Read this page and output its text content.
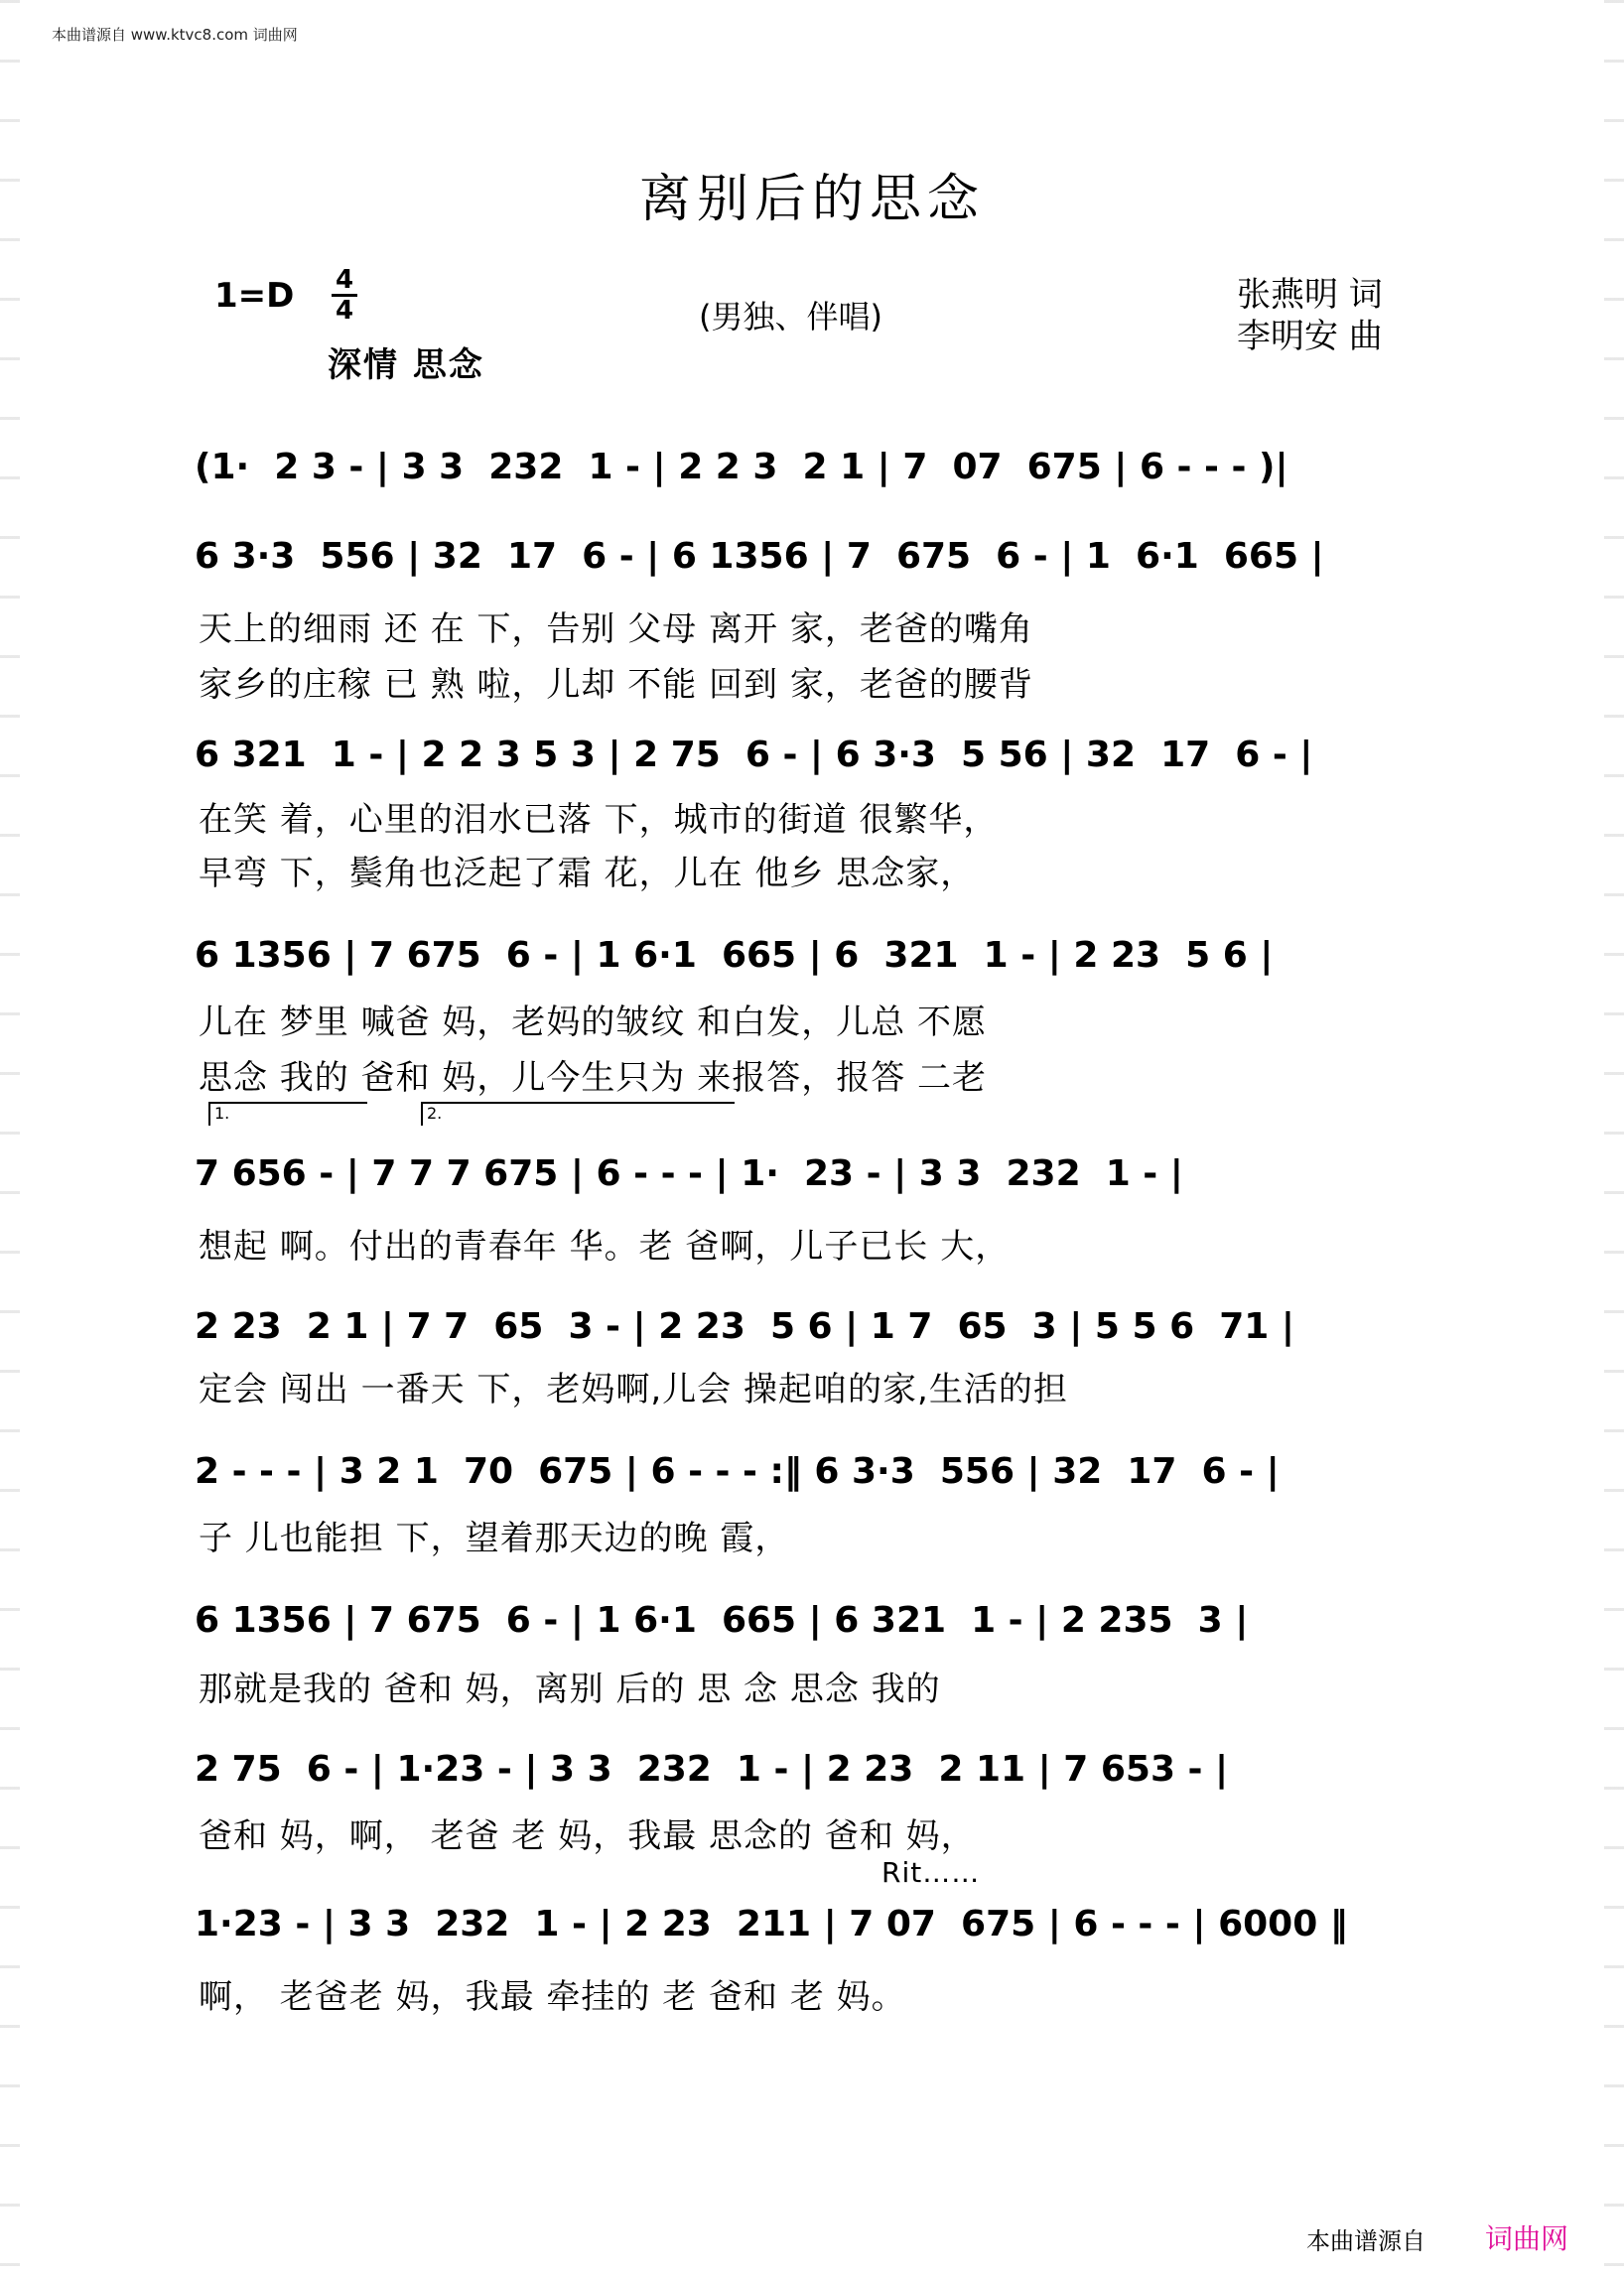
本曲谱源自 www.ktvc8.com 词曲网
离别后的思念
1=D 4
4
深情 思念
(男独、伴唱)
张燕明 词
李明安 曲
(1·  2 3 - | 3 3  232  1 - | 2 2 3  2 1 | 7  07  675 | 6 - - - )|
6 3·3  556 | 32  17  6 - | 6 1356 | 7  675  6 - | 1  6·1  665 |
天上的细雨 还 在 下，告别 父母 离开 家，老爸的嘴角
家乡的庄稼 已 熟 啦，儿却 不能 回到 家，老爸的腰背
6 321  1 - | 2 2 3 5 3 | 2 75  6 - | 6 3·3  5 56 | 32  17  6 - |
在笑 着，心里的泪水已落 下，城市的街道 很繁华，
早弯 下，鬓角也泛起了霜 花，儿在 他乡 思念家，
6 1356 | 7 675  6 - | 1 6·1  665 | 6  321  1 - | 2 23  5 6 |
儿在 梦里 喊爸 妈，老妈的皱纹 和白发，儿总 不愿
思念 我的 爸和 妈，儿今生只为 来报答，报答 二老
1.	2.
7 656 - | 7 7 7 675 | 6 - - - | 1·  23 - | 3 3  232  1 - |
想起 啊。付出的青春年 华。老 爸啊，儿子已长 大，
2 23  2 1 | 7 7  65  3 - | 2 23  5 6 | 1 7  65  3 | 5 5 6  71 |
定会 闯出 一番天 下，老妈啊,儿会 操起咱的家,生活的担
2 - - - | 3 2 1  70  675 | 6 - - - :‖ 6 3·3  556 | 32  17  6 - |
子 儿也能担 下，望着那天边的晚 霞，
6 1356 | 7 675  6 - | 1 6·1  665 | 6 321  1 - | 2 235  3 |
那就是我的 爸和 妈，离别 后的 思 念 思念 我的
2 75  6 - | 1·23 - | 3 3  232  1 - | 2 23  2 11 | 7 653 - |
爸和 妈，啊， 老爸 老 妈，我最 思念的 爸和 妈，
Rit……
1·23 - | 3 3  232  1 - | 2 23  211 | 7 07  675 | 6 - - - | 6000 ‖
啊， 老爸老 妈，我最 牵挂的 老 爸和 老 妈。
本曲谱源自 词曲网
